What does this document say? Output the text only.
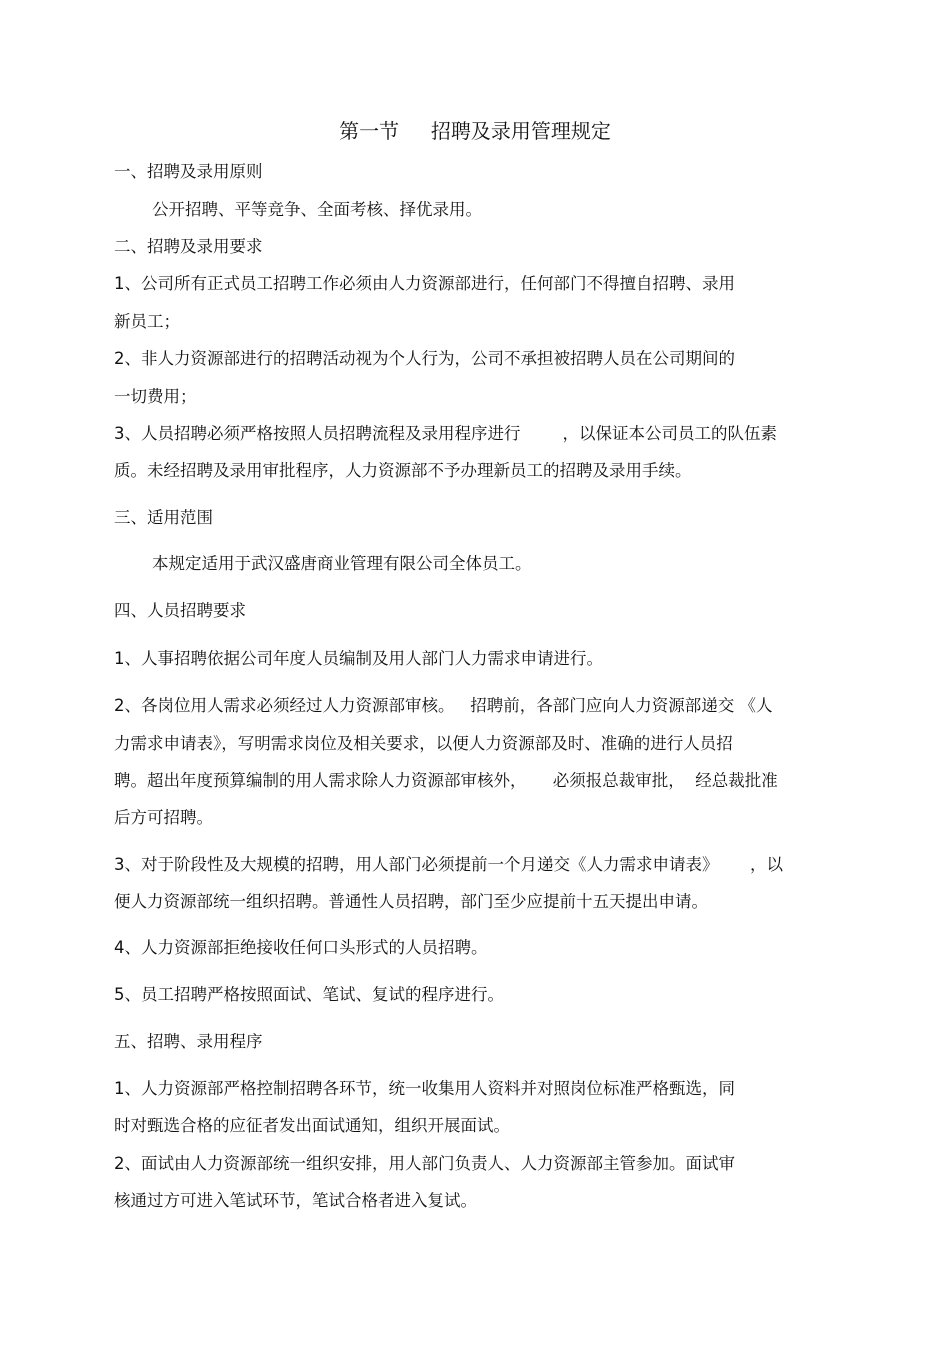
第一节     招聘及录用管理规定

一、招聘及录用原则

公开招聘、平等竞争、全面考核、择优录用。

二、招聘及录用要求

1、公司所有正式员工招聘工作必须由人力资源部进行，任何部门不得擅自招聘、录用

新员工；

2、非人力资源部进行的招聘活动视为个人行为，公司不承担被招聘人员在公司期间的

一切费用；

3、人员招聘必须严格按照人员招聘流程及录用程序进行        ，以保证本公司员工的队伍素

质。未经招聘及录用审批程序，人力资源部不予办理新员工的招聘及录用手续。

三、适用范围

本规定适用于武汉盛唐商业管理有限公司全体员工。

四、人员招聘要求

1、人事招聘依据公司年度人员编制及用人部门人力需求申请进行。

2、各岗位用人需求必须经过人力资源部审核。   招聘前，各部门应向人力资源部递交 《人

力需求申请表》，写明需求岗位及相关要求，以便人力资源部及时、准确的进行人员招

聘。超出年度预算编制的用人需求除人力资源部审核外，     必须报总裁审批，  经总裁批准

后方可招聘。

3、对于阶段性及大规模的招聘，用人部门必须提前一个月递交《人力需求申请表》      ，以

便人力资源部统一组织招聘。普通性人员招聘，部门至少应提前十五天提出申请。

4、人力资源部拒绝接收任何口头形式的人员招聘。

5、员工招聘严格按照面试、笔试、复试的程序进行。

五、招聘、录用程序

1、人力资源部严格控制招聘各环节，统一收集用人资料并对照岗位标准严格甄选，同

时对甄选合格的应征者发出面试通知，组织开展面试。

2、面试由人力资源部统一组织安排，用人部门负责人、人力资源部主管参加。面试审

核通过方可进入笔试环节，笔试合格者进入复试。
